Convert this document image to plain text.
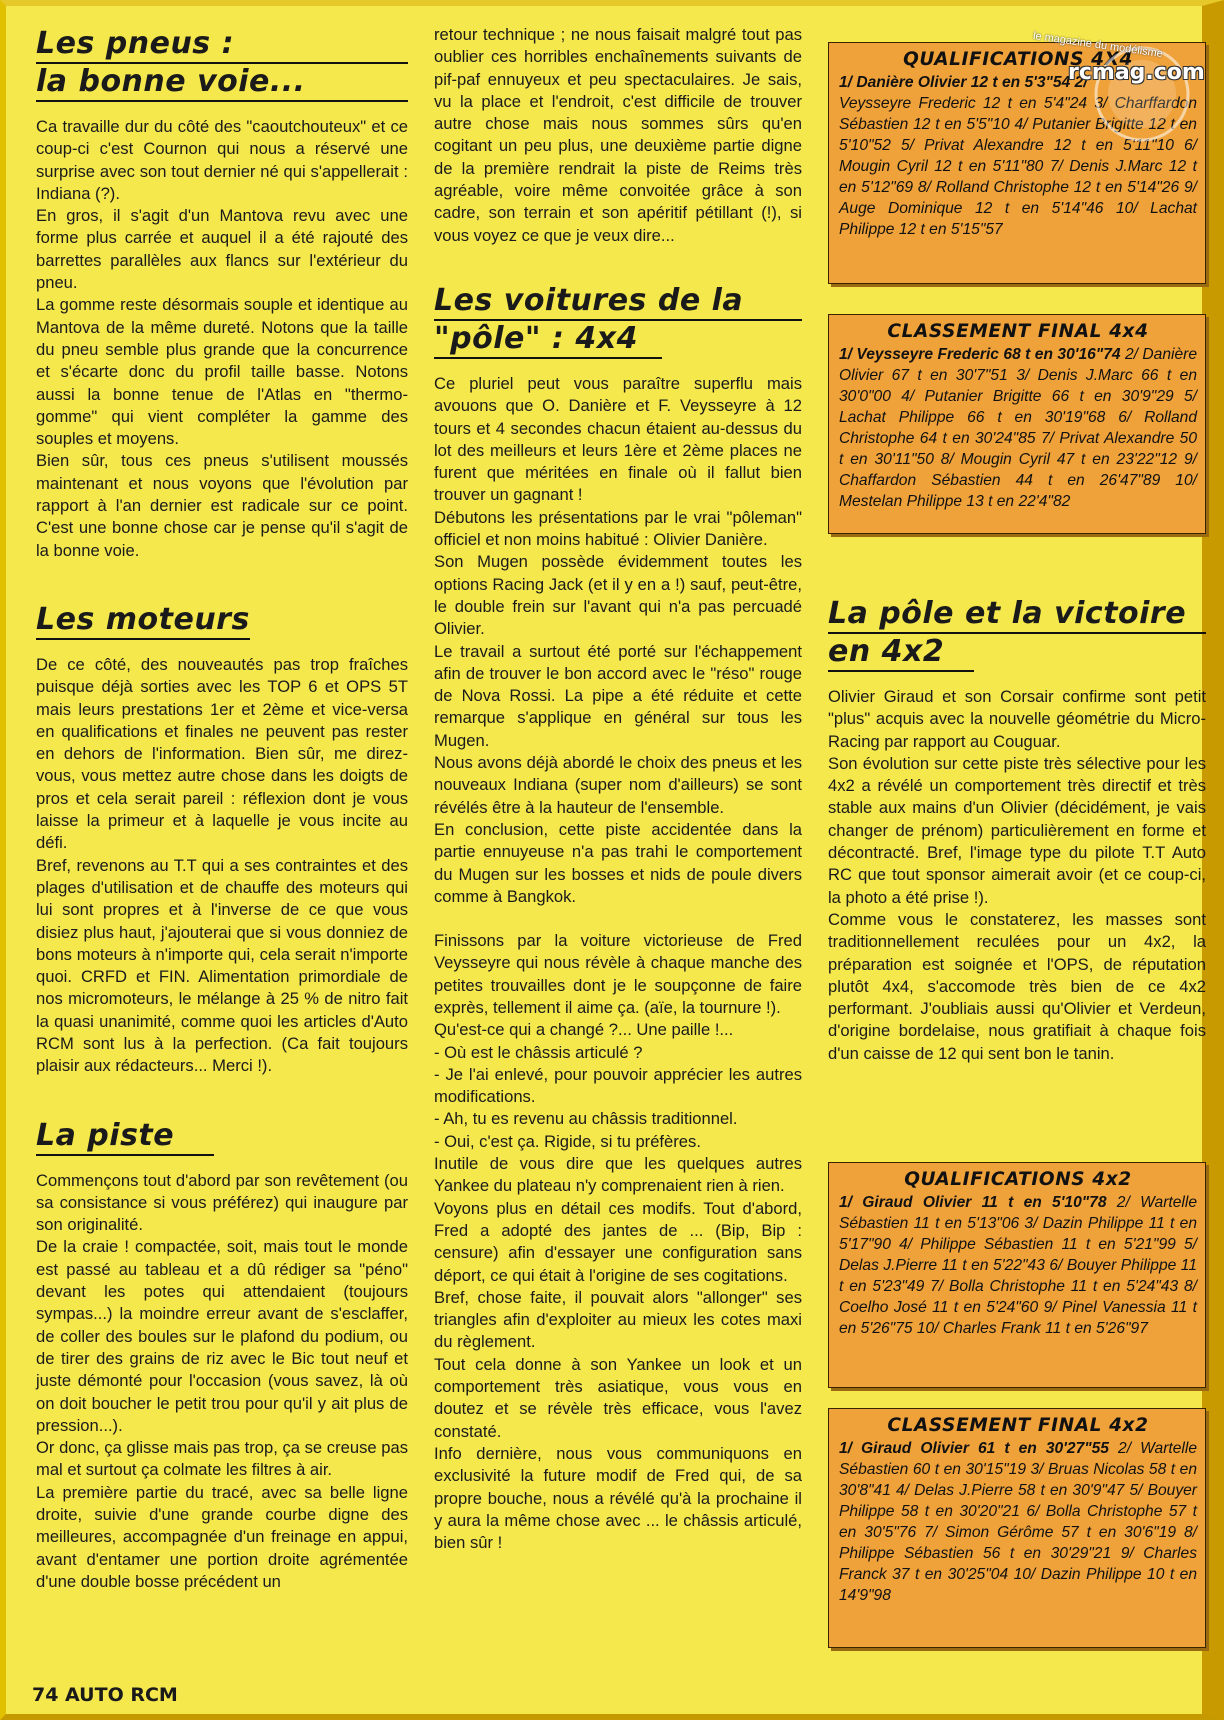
Les pneus :
la bonne voie...

Ca travaille dur du côté des "caoutchouteux" et ce coup-ci c'est Cournon qui nous a réservé une surprise avec son tout dernier né qui s'appellerait : Indiana (?).

En gros, il s'agit d'un Mantova revu avec une forme plus carrée et auquel il a été rajouté des barrettes parallèles aux flancs sur l'extérieur du pneu.

La gomme reste désormais souple et identique au Mantova de la même dureté. Notons que la taille du pneu semble plus grande que la concurrence et s'écarte donc du profil taille basse. Notons aussi la bonne tenue de l'Atlas en "thermo-gomme" qui vient compléter la gamme des souples et moyens.

Bien sûr, tous ces pneus s'utilisent moussés maintenant et nous voyons que l'évolution par rapport à l'an dernier est radicale sur ce point. C'est une bonne chose car je pense qu'il s'agit de la bonne voie.

Les moteurs

De ce côté, des nouveautés pas trop fraîches puisque déjà sorties avec les TOP 6 et OPS 5T mais leurs prestations 1er et 2ème et vice-versa en qualifications et finales ne peuvent pas rester en dehors de l'information. Bien sûr, me direz-vous, vous mettez autre chose dans les doigts de pros et cela serait pareil : réflexion dont je vous laisse la primeur et à laquelle je vous incite au défi.

Bref, revenons au T.T qui a ses contraintes et des plages d'utilisation et de chauffe des moteurs qui lui sont propres et à l'inverse de ce que vous disiez plus haut, j'ajouterai que si vous donniez de bons moteurs à n'importe qui, cela serait n'importe quoi. CRFD et FIN. Alimentation primordiale de nos micromoteurs, le mélange à 25 % de nitro fait la quasi unanimité, comme quoi les articles d'Auto RCM sont lus à la perfection. (Ca fait toujours plaisir aux rédacteurs... Merci !).

La piste

Commençons tout d'abord par son revêtement (ou sa consistance si vous préférez) qui inaugure par son originalité.

De la craie ! compactée, soit, mais tout le monde est passé au tableau et a dû rédiger sa "péno" devant les potes qui attendaient (toujours sympas...) la moindre erreur avant de s'esclaffer, de coller des boules sur le plafond du podium, ou de tirer des grains de riz avec le Bic tout neuf et juste démonté pour l'occasion (vous savez, là où on doit boucher le petit trou pour qu'il y ait plus de pression...).

Or donc, ça glisse mais pas trop, ça se creuse pas mal et surtout ça colmate les filtres à air.

La première partie du tracé, avec sa belle ligne droite, suivie d'une grande courbe digne des meilleures, accompagnée d'un freinage en appui, avant d'entamer une portion droite agrémentée d'une double bosse précédent un

retour technique ; ne nous faisait malgré tout pas oublier ces horribles enchaînements suivants de pif-paf ennuyeux et peu spectaculaires. Je sais, vu la place et l'endroit, c'est difficile de trouver autre chose mais nous sommes sûrs qu'en cogitant un peu plus, une deuxième partie digne de la première rendrait la piste de Reims très agréable, voire même convoitée grâce à son cadre, son terrain et son apéritif pétillant (!), si vous voyez ce que je veux dire...

Les voitures de la
"pôle" : 4x4

Ce pluriel peut vous paraître superflu mais avouons que O. Danière et F. Veysseyre à 12 tours et 4 secondes chacun étaient au-dessus du lot des meilleurs et leurs 1ère et 2ème places ne furent que méritées en finale où il fallut bien trouver un gagnant !

Débutons les présentations par le vrai "pôleman" officiel et non moins habitué : Olivier Danière.

Son Mugen possède évidemment toutes les options Racing Jack (et il y en a !) sauf, peut-être, le double frein sur l'avant qui n'a pas percuadé Olivier.

Le travail a surtout été porté sur l'échappement afin de trouver le bon accord avec le "réso" rouge de Nova Rossi. La pipe a été réduite et cette remarque s'applique en général sur tous les Mugen.

Nous avons déjà abordé le choix des pneus et les nouveaux Indiana (super nom d'ailleurs) se sont révélés être à la hauteur de l'ensemble.

En conclusion, cette piste accidentée dans la partie ennuyeuse n'a pas trahi le comportement du Mugen sur les bosses et nids de poule divers comme à Bangkok.

Finissons par la voiture victorieuse de Fred Veysseyre qui nous révèle à chaque manche des petites trouvailles dont je le soupçonne de faire exprès, tellement il aime ça. (aïe, la tournure !).

Qu'est-ce qui a changé ?... Une paille !...

- Où est le châssis articulé ?

- Je l'ai enlevé, pour pouvoir apprécier les autres modifications.

- Ah, tu es revenu au châssis traditionnel.

- Oui, c'est ça. Rigide, si tu préfères.

Inutile de vous dire que les quelques autres Yankee du plateau n'y comprenaient rien à rien.

Voyons plus en détail ces modifs. Tout d'abord, Fred a adopté des jantes de ... (Bip, Bip : censure) afin d'essayer une configuration sans déport, ce qui était à l'origine de ses cogitations.

Bref, chose faite, il pouvait alors "allonger" ses triangles afin d'exploiter au mieux les cotes maxi du règlement.

Tout cela donne à son Yankee un look et un comportement très asiatique, vous vous en doutez et se révèle très efficace, vous l'avez constaté.

Info dernière, nous vous communiquons en exclusivité la future modif de Fred qui, de sa propre bouche, nous a révélé qu'à la prochaine il y aura la même chose avec ... le châssis articulé, bien sûr !

QUALIFICATIONS 4X4

1/ Danière Olivier 12 t en 5'3"54 2/
Veysseyre Frederic 12 t en 5'4"24 3/ Charffardon Sébastien 12 t en 5'5"10 4/ Putanier Brigitte 12 t en 5'10"52 5/ Privat Alexandre 12 t en 5'11"10 6/ Mougin Cyril 12 t en 5'11"80 7/ Denis J.Marc 12 t en 5'12"69 8/ Rolland Christophe 12 t en 5'14"26 9/ Auge Dominique 12 t en 5'14"46 10/ Lachat Philippe 12 t en 5'15"57

CLASSEMENT FINAL 4x4

1/ Veysseyre Frederic 68 t en 30'16"74 2/ Danière Olivier 67 t en 30'7"51 3/ Denis J.Marc 66 t en 30'0"00 4/ Putanier Brigitte 66 t en 30'9"29 5/ Lachat Philippe 66 t en 30'19"68 6/ Rolland Christophe 64 t en 30'24"85 7/ Privat Alexandre 50 t en 30'11"50 8/ Mougin Cyril 47 t en 23'22"12 9/ Chaffardon Sébastien 44 t en 26'47"89 10/ Mestelan Philippe 13 t en 22'4"82

La pôle et la victoire
en 4x2

Olivier Giraud et son Corsair confirme sont petit "plus" acquis avec la nouvelle géométrie du Micro-Racing par rapport au Couguar.

Son évolution sur cette piste très sélective pour les 4x2 a révélé un comportement très directif et très stable aux mains d'un Olivier (décidément, je vais changer de prénom) particulièrement en forme et décontracté. Bref, l'image type du pilote T.T Auto RC que tout sponsor aimerait avoir (et ce coup-ci, la photo a été prise !).

Comme vous le constaterez, les masses sont traditionnellement reculées pour un 4x2, la préparation est soignée et l'OPS, de réputation plutôt 4x4, s'accomode très bien de ce 4x2 performant. J'oubliais aussi qu'Olivier et Verdeun, d'origine bordelaise, nous gratifiait à chaque fois d'un caisse de 12 qui sent bon le tanin.

QUALIFICATIONS 4x2

1/ Giraud Olivier 11 t en 5'10"78 2/ Wartelle Sébastien 11 t en 5'13"06 3/ Dazin Philippe 11 t en 5'17"90 4/ Philippe Sébastien 11 t en 5'21"99 5/ Delas J.Pierre 11 t en 5'22"43 6/ Bouyer Philippe 11 t en 5'23"49 7/ Bolla Christophe 11 t en 5'24"43 8/ Coelho José 11 t en 5'24"60 9/ Pinel Vanessia 11 t en 5'26"75 10/ Charles Frank 11 t en 5'26"97

CLASSEMENT FINAL 4x2

1/ Giraud Olivier 61 t en 30'27"55 2/ Wartelle Sébastien 60 t en 30'15"19 3/ Bruas Nicolas 58 t en 30'8"41 4/ Delas J.Pierre 58 t en 30'9"47 5/ Bouyer Philippe 58 t en 30'20"21 6/ Bolla Christophe 57 t en 30'5"76 7/ Simon Gérôme 57 t en 30'6"19 8/ Philippe Sébastien 56 t en 30'29"21 9/ Charles Franck 37 t en 30'25"04 10/ Dazin Philippe 10 t en 14'9"98

le magazine du modélisme
rcmag.com
74 AUTO RCM
